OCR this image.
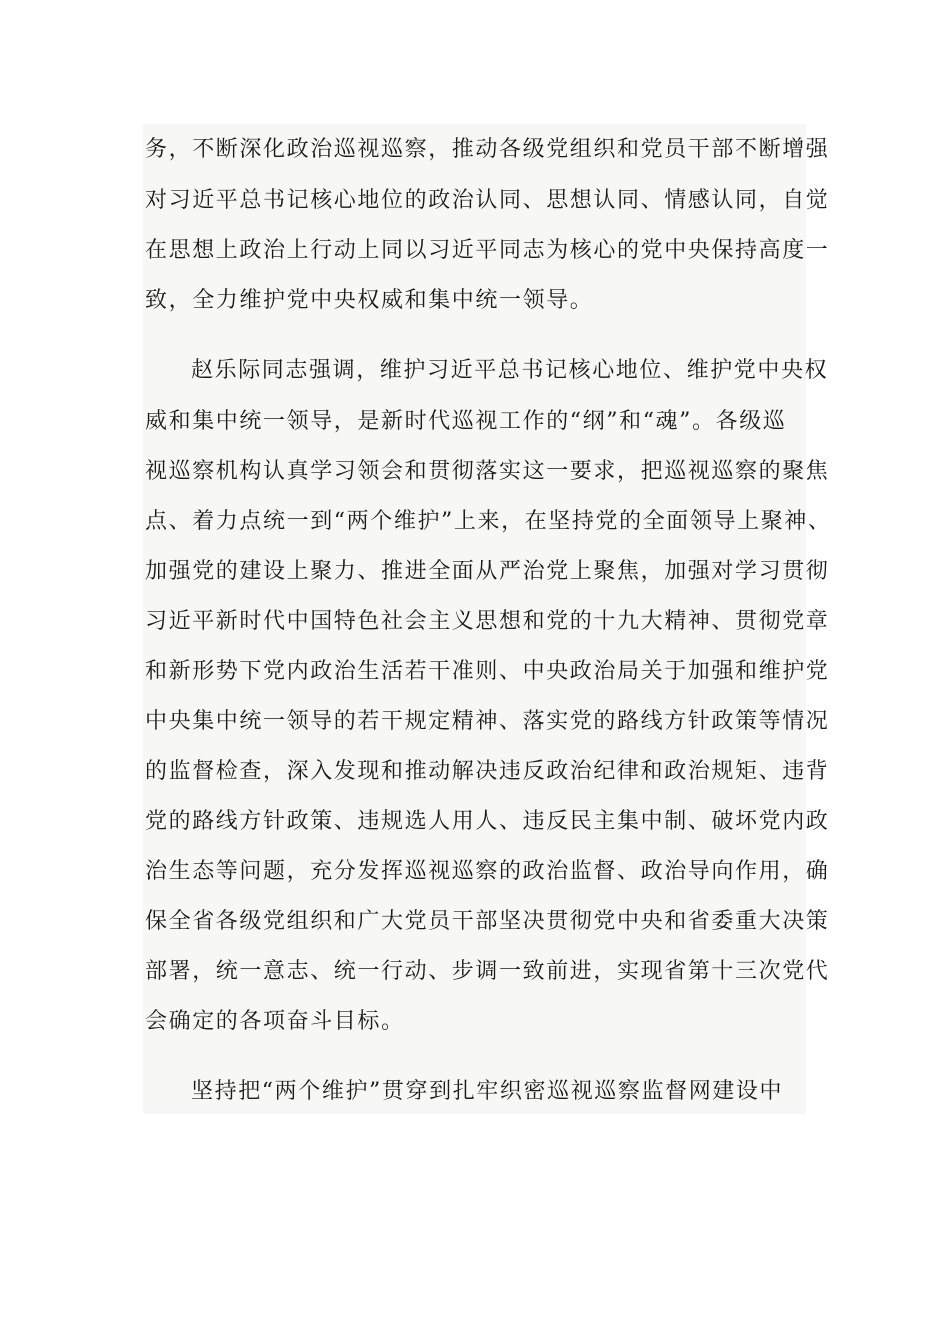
务，不断深化政治巡视巡察，推动各级党组织和党员干部不断增强
对习近平总书记核心地位的政治认同、思想认同、情感认同，自觉
在思想上政治上行动上同以习近平同志为核心的党中央保持高度一
致，全力维护党中央权威和集中统一领导。
赵乐际同志强调，维护习近平总书记核心地位、维护党中央权
威和集中统一领导，是新时代巡视工作的“纲”和“魂”。各级巡
视巡察机构认真学习领会和贯彻落实这一要求，把巡视巡察的聚焦
点、着力点统一到“两个维护”上来，在坚持党的全面领导上聚神、
加强党的建设上聚力、推进全面从严治党上聚焦，加强对学习贯彻
习近平新时代中国特色社会主义思想和党的十九大精神、贯彻党章
和新形势下党内政治生活若干准则、中央政治局关于加强和维护党
中央集中统一领导的若干规定精神、落实党的路线方针政策等情况
的监督检查，深入发现和推动解决违反政治纪律和政治规矩、违背
党的路线方针政策、违规选人用人、违反民主集中制、破坏党内政
治生态等问题，充分发挥巡视巡察的政治监督、政治导向作用，确
保全省各级党组织和广大党员干部坚决贯彻党中央和省委重大决策
部署，统一意志、统一行动、步调一致前进，实现省第十三次党代
会确定的各项奋斗目标。
坚持把“两个维护”贯穿到扎牢织密巡视巡察监督网建设中
